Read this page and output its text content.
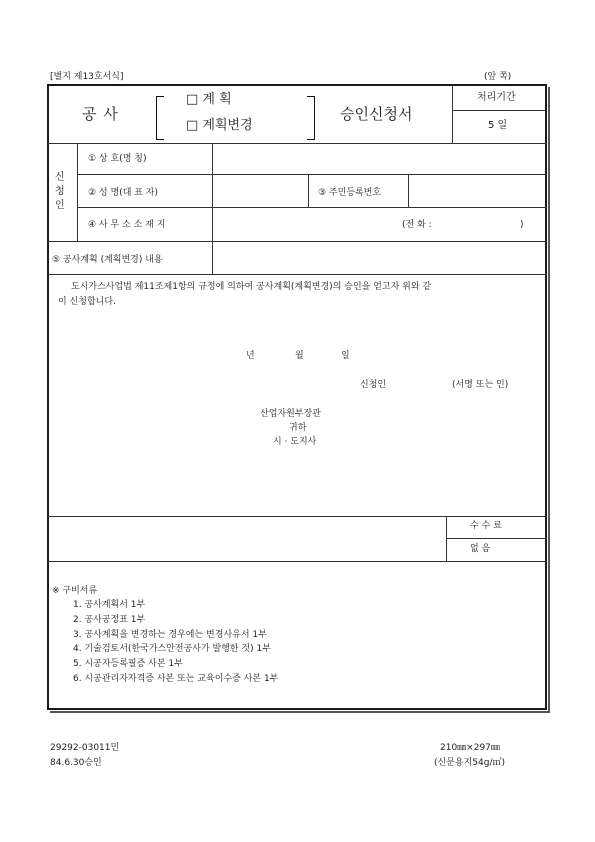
[별지 제13호서식]	(앞 쪽)
공 사
□ 계 획
□ 계획변경
승인신청서
처리기간
5 일
신
청
인
① 상 호(명 칭)
② 성 명(대 표 자)	③ 주민등록번호
④ 사 무 소 소 재 지	(전 화 :	)
⑤ 공사계획 (계획변경) 내용
도시가스사업법 제11조제1항의 규정에 의하여 공사계획(계획변경)의 승인을 얻고자 위와 같
이 신청합니다.
년	월	일
신청인	(서명 또는 인)
산업자원부장관
귀하
시 · 도지사
수 수 료
없 음
※ 구비서류
1. 공사계획서 1부
2. 공사공정표 1부
3. 공사계획을 변경하는 경우에는 변경사유서 1부
4. 기술검토서(한국가스안전공사가 발행한 것) 1부
5. 시공자등록필증 사본 1부
6. 시공관리자자격증 사본 또는 교육이수증 사본 1부
29292-03011민
84.6.30승인
210㎜×297㎜
(신문용지54g/㎡)
